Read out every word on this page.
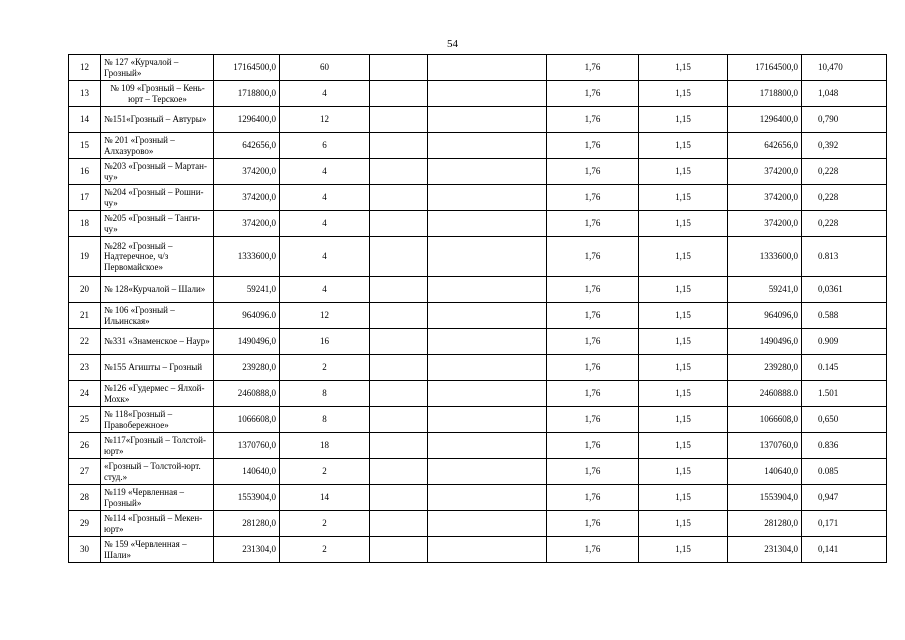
54
12	№ 127 «Курчалой – Грозный»	17164500,0	60			1,76	1,15	17164500,0	10,470
13	№ 109 «Грозный – Кень-юрт – Терское»	1718800,0	4			1,76	1,15	1718800,0	1,048
14	№151«Грозный – Автуры»	1296400,0	12			1,76	1,15	1296400,0	0,790
15	№ 201 «Грозный – Алхазурово»	642656,0	6			1,76	1,15	642656,0	0,392
16	№203 «Грозный – Мартан-чу»	374200,0	4			1,76	1,15	374200,0	0,228
17	№204 «Грозный – Рошни-чу»	374200,0	4			1,76	1,15	374200,0	0,228
18	№205 «Грозный – Танги-чу»	374200,0	4			1,76	1,15	374200,0	0,228
19	№282 «Грозный – Надтеречное, ч/з Первомайское»	1333600,0	4			1,76	1,15	1333600,0	0.813
20	№ 128«Курчалой – Шали»	59241,0	4			1,76	1,15	59241,0	0,0361
21	№ 106 «Грозный – Ильинская»	964096.0	12			1,76	1,15	964096,0	0.588
22	№331 «Знаменское – Наур»	1490496,0	16			1,76	1,15	1490496,0	0.909
23	№155 Агишты – Грозный	239280,0	2			1,76	1,15	239280,0	0.145
24	№126 «Гудермес – Ялхой-Мохк»	2460888,0	8			1,76	1,15	2460888.0	1.501
25	№ 118«Грозный – Правобережное»	1066608,0	8			1,76	1,15	1066608,0	0,650
26	№117«Грозный – Толстой-юрт»	1370760,0	18			1,76	1,15	1370760,0	0.836
27	«Грозный – Толстой-юрт. студ.»	140640,0	2			1,76	1,15	140640,0	0.085
28	№119 «Червленная – Грозный»	1553904,0	14			1,76	1,15	1553904,0	0,947
29	№114 «Грозный – Мекен-юрт»	281280,0	2			1,76	1,15	281280,0	0,171
30	№ 159 «Червленная – Шали»	231304,0	2			1,76	1,15	231304,0	0,141
